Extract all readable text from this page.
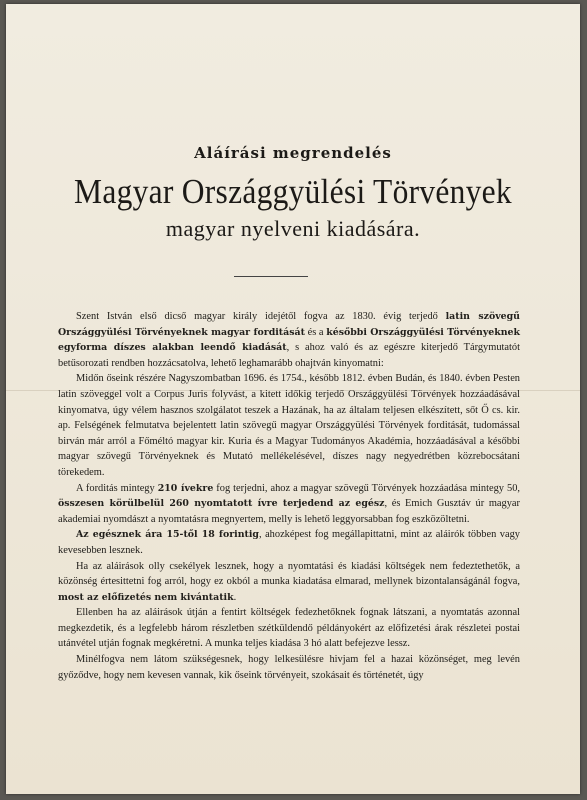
Aláírási megrendelés
Magyar Országgyülési Törvények
magyar nyelveni kiadására.

Szent István első dicső magyar király idejétől fogva az 1830. évig terjedő latin szövegű Országgyülési Törvényeknek magyar forditását és a későbbi Országgyülési Törvényeknek egyforma díszes alakban leendő kiadását, s ahoz való és az egészre kiterjedő Tárgymutatót betűsorozati rendben hozzácsatolva, lehető leghamarább ohajtván kinyomatni:

Midőn őseink részére Nagyszombatban 1696. és 1754., később 1812. évben Budán, és 1840. évben Pesten latin szöveggel volt a Corpus Juris folyvást, a kitett időkig terjedő Országgyülési Törvények hozzáadásával kinyomatva, úgy vélem hasznos szolgálatot teszek a Hazának, ha az általam teljesen elkészített, sőt Ő cs. kir. ap. Felségének felmutatva bejelentett latin szövegű magyar Országgyülési Törvények forditását, tudomással birván már arról a Főméltó magyar kir. Kuria és a Magyar Tudományos Akadémia, hozzáadásával a későbbi magyar szövegű Törvényeknek és Mutató mellékelésével, díszes nagy negyedrétben közrebocsátani törekedem.

A forditás mintegy 210 ívekre fog terjedni, ahoz a magyar szövegű Törvények hozzáadása mintegy 50, összesen körülbelül 260 nyomtatott ívre terjedend az egész, és Emich Gusztáv úr magyar akademiai nyomdászt a nyomtatásra megnyertem, melly is lehető leggyorsabban fog eszközöltetni.

Az egésznek ára 15-től 18 forintig, ahozképest fog megállapittatni, mint az aláirók többen vagy kevesebben lesznek.

Ha az aláirások olly csekélyek lesznek, hogy a nyomtatási és kiadási költségek nem fedeztethetők, a közönség értesittetni fog arról, hogy ez okból a munka kiadatása elmarad, mellynek bizontalanságánál fogva, most az előfizetés nem kivántatik.

Ellenben ha az aláirások útján a fentirt költségek fedezhetőknek fognak látszani, a nyomtatás azonnal megkezdetik, és a legfelebb három részletben szétküldendő példányokért az előfizetési árak részletei postai utánvétel utján fognak megkéretni. A munka teljes kiadása 3 hó alatt befejezve lessz.

Minélfogva nem látom szükségesnek, hogy lelkesülésre hivjam fel a hazai közönséget, meg levén győződve, hogy nem kevesen vannak, kik őseink törvényeit, szokásait és történetét, úgy
